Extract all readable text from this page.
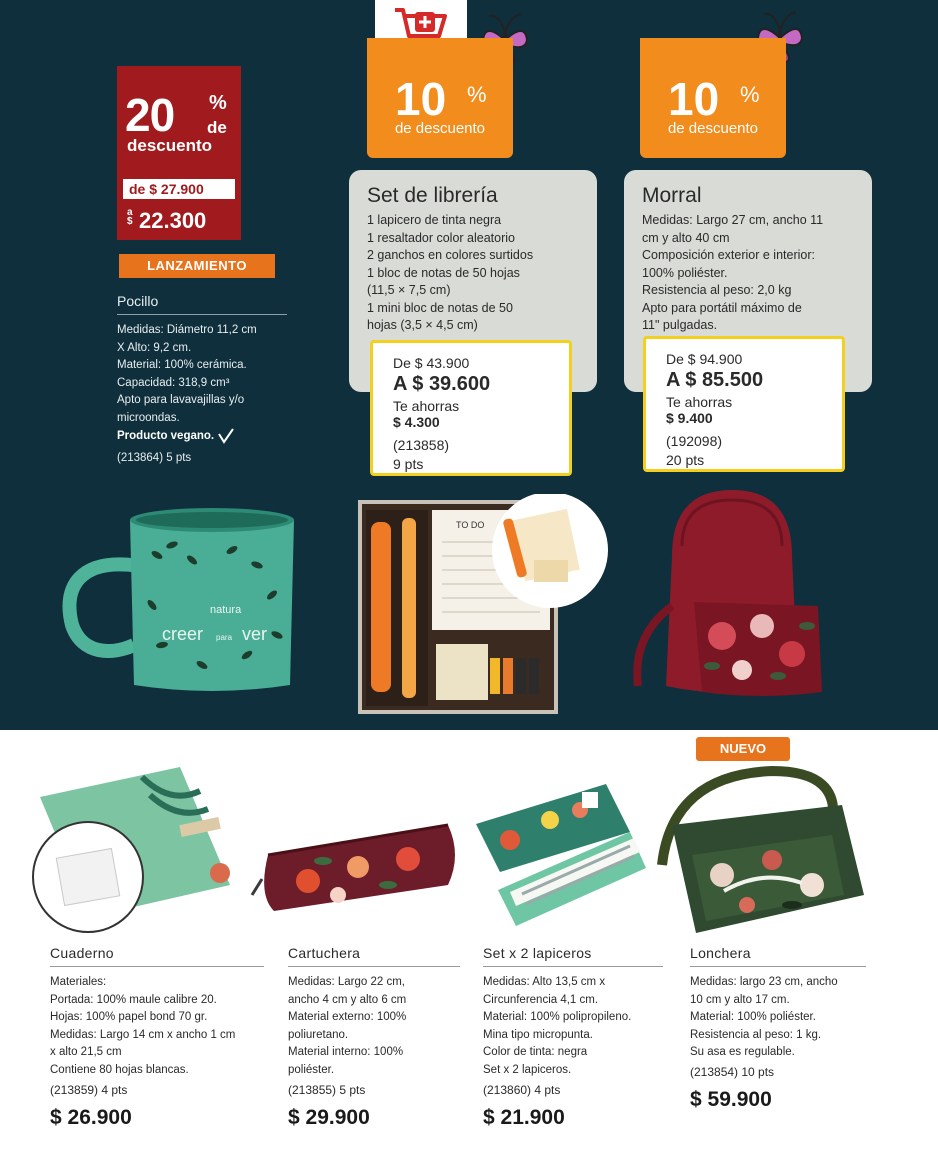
20 %
de
descuento
de $ 27.900
a $ 22.300
LANZAMIENTO
Pocillo
Medidas: Diámetro 11,2 cm
X Alto: 9,2 cm.
Material: 100% cerámica.
Capacidad: 318,9 cm³
Apto para lavavajillas y/o
microondas.
Producto vegano.
(213864) 5 pts
natura
creer para ver
10 %
de descuento
Set de librería
1 lapicero de tinta negra
1 resaltador color aleatorio
2 ganchos en colores surtidos
1 bloc de notas de 50 hojas
(11,5 × 7,5 cm)
1 mini bloc de notas de 50
hojas (3,5 × 4,5 cm)
De $ 43.900
A $ 39.600
Te ahorras
$ 4.300
(213858)
9 pts
TO DO
10 %
de descuento
Morral
Medidas: Largo 27 cm, ancho 11
cm y alto 40 cm
Composición exterior e interior:
100% poliéster.
Resistencia al peso: 2,0 kg
Apto para portátil máximo de
11" pulgadas.
De $ 94.900
A $ 85.500
Te ahorras
$ 9.400
(192098)
20 pts
NUEVO
Cuaderno
Materiales:
Portada: 100% maule calibre 20.
Hojas: 100% papel bond 70 gr.
Medidas: Largo 14 cm x ancho 1 cm
x alto 21,5 cm
Contiene 80 hojas blancas.
(213859) 4 pts
$ 26.900
Cartuchera
Medidas: Largo 22 cm,
ancho 4 cm y alto 6 cm
Material externo: 100%
poliuretano.
Material interno: 100%
poliéster.
(213855) 5 pts
$ 29.900
Set x 2 lapiceros
Medidas: Alto 13,5 cm x
Circunferencia 4,1 cm.
Material: 100% polipropileno.
Mina tipo micropunta.
Color de tinta: negra
Set x 2 lapiceros.
(213860) 4 pts
$ 21.900
Lonchera
Medidas: largo 23 cm, ancho
10 cm y alto 17 cm.
Material: 100% poliéster.
Resistencia al peso: 1 kg.
Su asa es regulable.
(213854) 10 pts
$ 59.900
